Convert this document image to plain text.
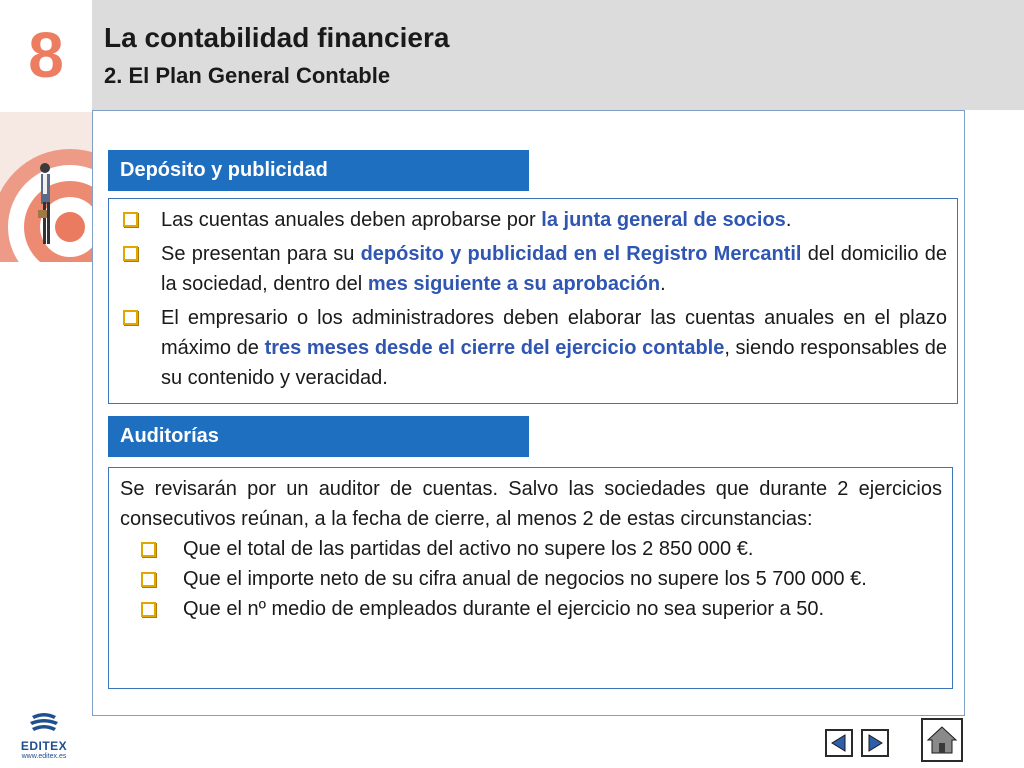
8	La contabilidad financiera
2. El Plan General Contable
Depósito y publicidad
Las cuentas anuales deben aprobarse por la junta general de socios.
Se presentan para su depósito y publicidad en el Registro Mercantil del domicilio de la sociedad, dentro del mes siguiente a su aprobación.
El empresario o los administradores deben elaborar las cuentas anuales en el plazo máximo de tres meses desde el cierre del ejercicio contable, siendo responsables de su contenido y veracidad.
Auditorías
Se revisarán por un auditor de cuentas. Salvo las sociedades que durante 2 ejercicios consecutivos reúnan, a la fecha de cierre, al menos 2 de estas circunstancias:
Que el total de las partidas del activo no supere los 2 850 000 €.
Que el importe neto de su cifra anual de negocios no supere los 5 700 000 €.
Que el nº medio de empleados durante el ejercicio no sea superior a 50.
EDITEX
www.editex.es
